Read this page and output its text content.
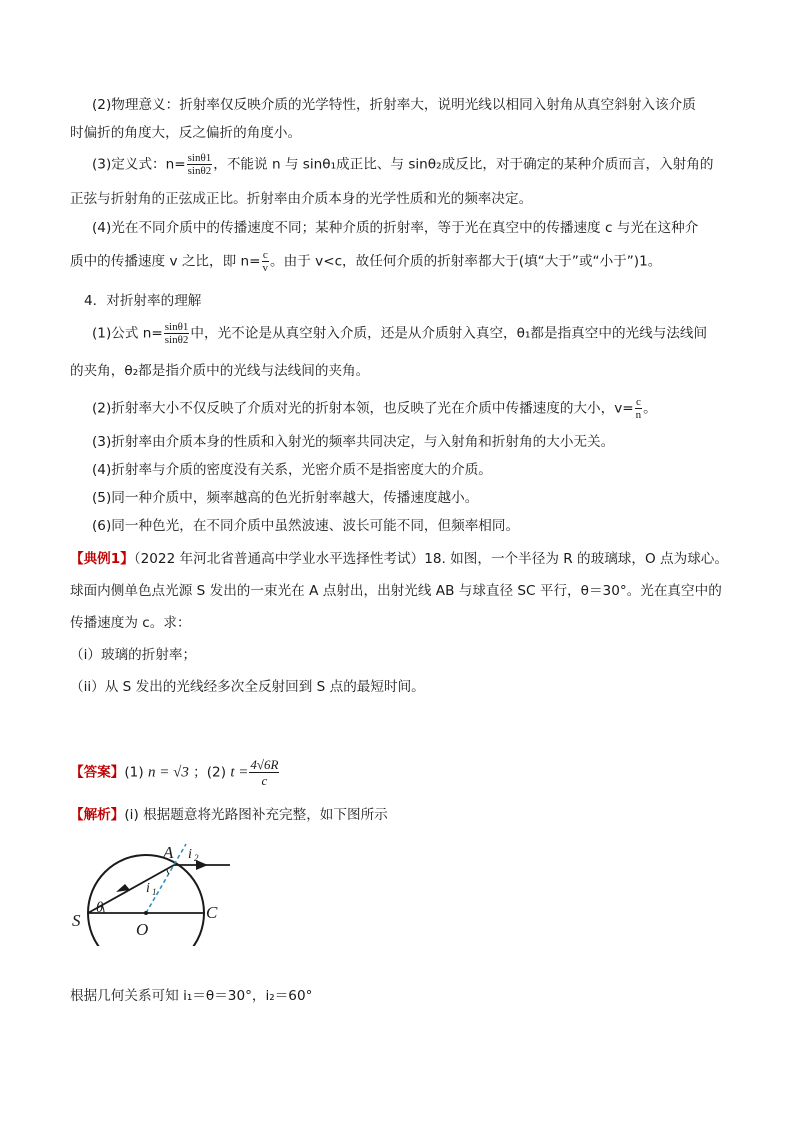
(2)物理意义：折射率仅反映介质的光学特性，折射率大，说明光线以相同入射角从真空斜射入该介质
时偏折的角度大，反之偏折的角度小。
(3)定义式：$n= \frac{\sin\theta 1}{\sin\theta 2}$ ，不能说 n 与 sinθ₁成正比、与 sinθ₂成反比，对于确定的某种介质而言，入射角的
正弦与折射角的正弦成正比。折射率由介质本身的光学性质和光的频率决定。
(4)光在不同介质中的传播速度不同；某种介质的折射率，等于光在真空中的传播速度 c 与光在这种介
质中的传播速度 v 之比，即 $n= \frac{c}{v}$ 。由于 v<c，故任何介质的折射率都大于(填“大于”或“小于”)1。
4．对折射率的理解
(1)公式 $n= \frac{\sin\theta 1}{\sin\theta 2}$ 中，光不论是从真空射入介质，还是从介质射入真空，θ₁都是指真空中的光线与法线间
的夹角，θ₂都是指介质中的光线与法线间的夹角。
(2)折射率大小不仅反映了介质对光的折射本领，也反映了光在介质中传播速度的大小，$v= \frac{c}{n}$ 。
(3)折射率由介质本身的性质和入射光的频率共同决定，与入射角和折射角的大小无关。
(4)折射率与介质的密度没有关系，光密介质不是指密度大的介质。
(5)同一种介质中，频率越高的色光折射率越大，传播速度越小。
(6)同一种色光，在不同介质中虽然波速、波长可能不同，但频率相同。
【典例1】（2022 年河北省普通高中学业水平选择性考试）18. 如图，一个半径为 R 的玻璃球，O 点为球心。
球面内侧单色点光源 S 发出的一束光在 A 点射出，出射光线 AB 与球直径 SC 平行，θ＝30°。光在真空中的
传播速度为 c。求：
（i）玻璃的折射率；
（ii）从 S 发出的光线经多次全反射回到 S 点的最短时间。
【答案】(1) n = √3 ；(2) $t = \frac{4√6R}{c}$
【解析】(i) 根据题意将光路图补充完整，如下图所示
S	O
C
A
θ
i 1
i 2
根据几何关系可知 i₁＝θ＝30°，i₂＝60°
